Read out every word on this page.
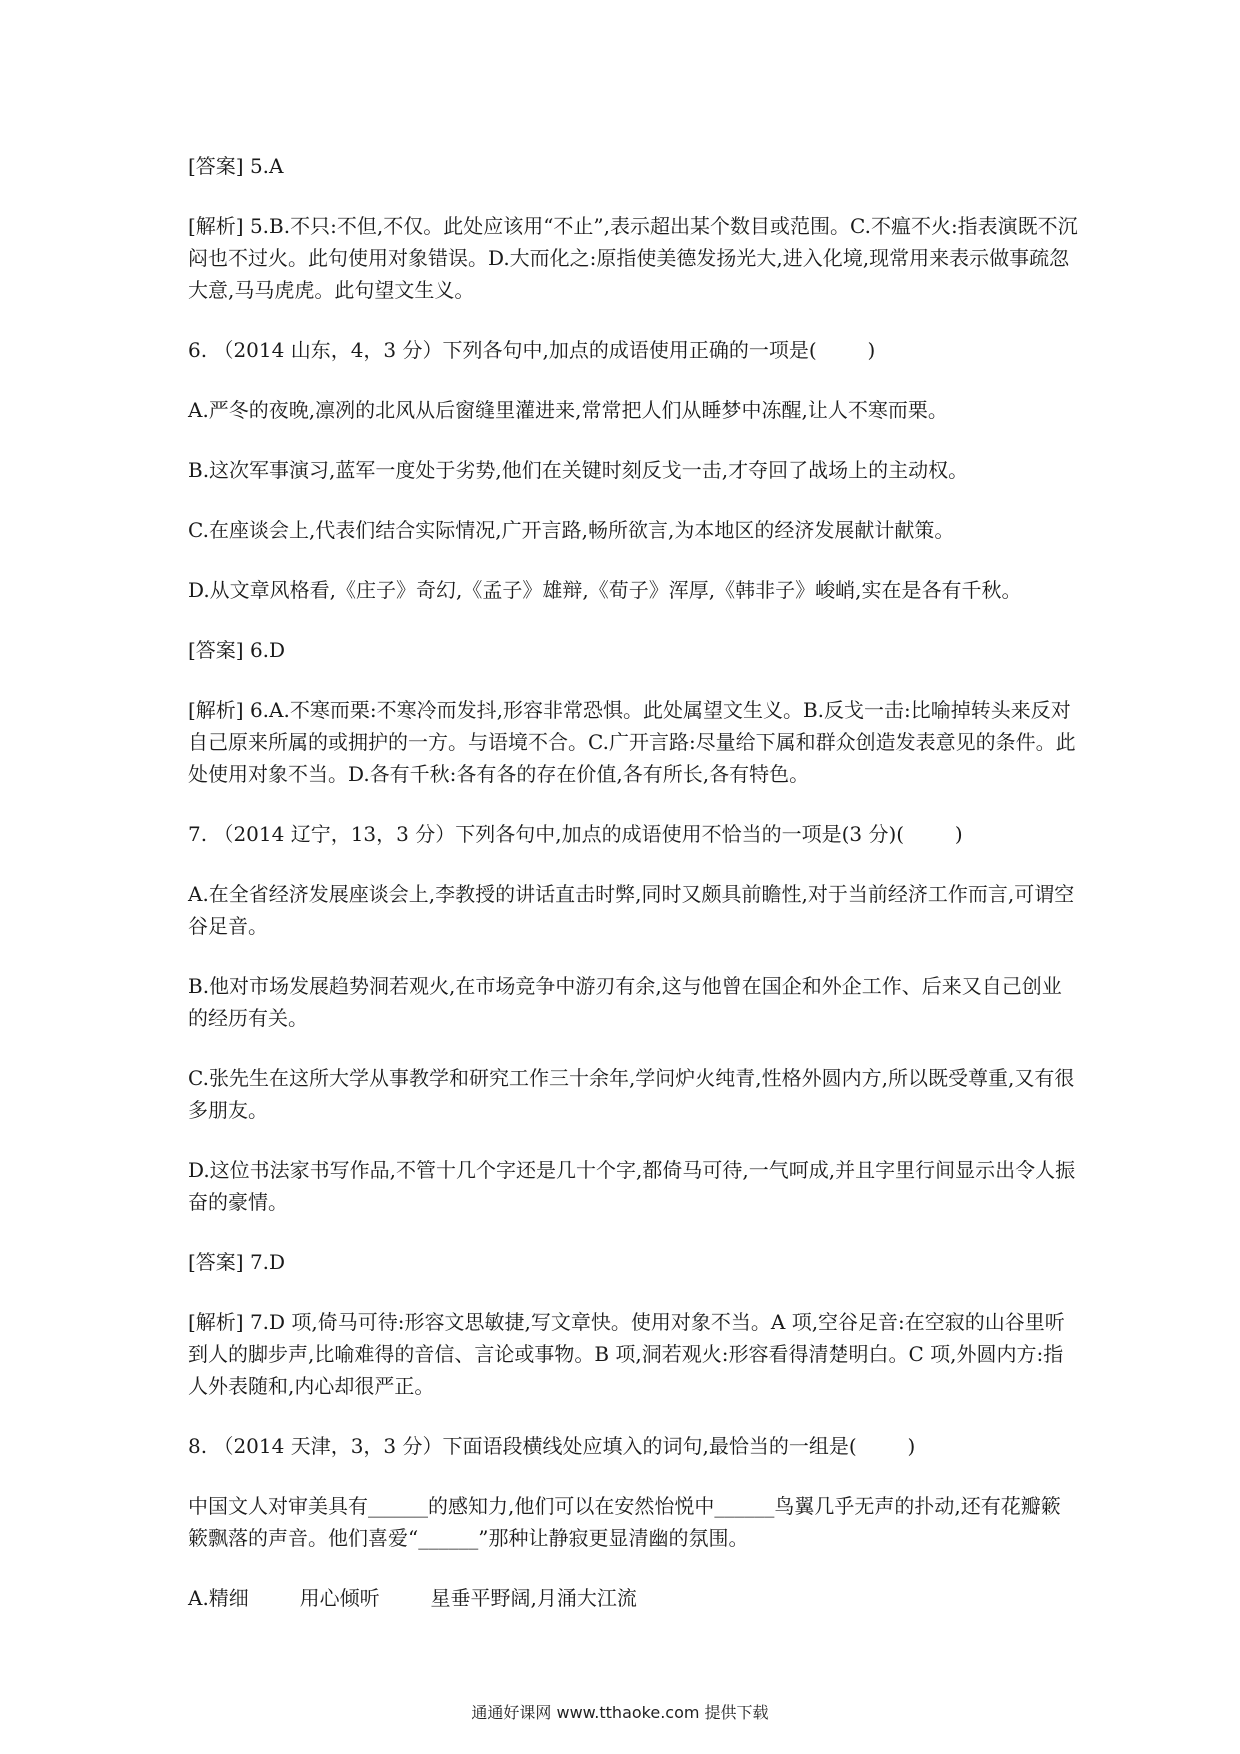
[答案] 5.A

[解析] 5.B.不只:不但,不仅。此处应该用“不止”,表示超出某个数目或范围。C.不瘟不火:指表演既不沉闷也不过火。此句使用对象错误。D.大而化之:原指使美德发扬光大,进入化境,现常用来表示做事疏忽大意,马马虎虎。此句望文生义。

6. （2014 山东，4，3 分）下列各句中,加点的成语使用正确的一项是(        )

A.严冬的夜晚,凛冽的北风从后窗缝里灌进来,常常把人们从睡梦中冻醒,让人不寒而栗。

B.这次军事演习,蓝军一度处于劣势,他们在关键时刻反戈一击,才夺回了战场上的主动权。

C.在座谈会上,代表们结合实际情况,广开言路,畅所欲言,为本地区的经济发展献计献策。

D.从文章风格看,《庄子》奇幻,《孟子》雄辩,《荀子》浑厚,《韩非子》峻峭,实在是各有千秋。

[答案] 6.D

[解析] 6.A.不寒而栗:不寒冷而发抖,形容非常恐惧。此处属望文生义。B.反戈一击:比喻掉转头来反对自己原来所属的或拥护的一方。与语境不合。C.广开言路:尽量给下属和群众创造发表意见的条件。此处使用对象不当。D.各有千秋:各有各的存在价值,各有所长,各有特色。

7. （2014 辽宁，13，3 分）下列各句中,加点的成语使用不恰当的一项是(3 分)(        )

A.在全省经济发展座谈会上,李教授的讲话直击时弊,同时又颇具前瞻性,对于当前经济工作而言,可谓空谷足音。

B.他对市场发展趋势洞若观火,在市场竞争中游刃有余,这与他曾在国企和外企工作、后来又自己创业的经历有关。

C.张先生在这所大学从事教学和研究工作三十余年,学问炉火纯青,性格外圆内方,所以既受尊重,又有很多朋友。

D.这位书法家书写作品,不管十几个字还是几十个字,都倚马可待,一气呵成,并且字里行间显示出令人振奋的豪情。

[答案] 7.D

[解析] 7.D 项,倚马可待:形容文思敏捷,写文章快。使用对象不当。A 项,空谷足音:在空寂的山谷里听到人的脚步声,比喻难得的音信、言论或事物。B 项,洞若观火:形容看得清楚明白。C 项,外圆内方:指人外表随和,内心却很严正。

8. （2014 天津，3，3 分）下面语段横线处应填入的词句,最恰当的一组是(        )

中国文人对审美具有______的感知力,他们可以在安然怡悦中______鸟翼几乎无声的扑动,还有花瓣簌簌飘落的声音。他们喜爱“______”那种让静寂更显清幽的氛围。

A.精细        用心倾听        星垂平野阔,月涌大江流

通通好课网 www.tthaoke.com 提供下载
